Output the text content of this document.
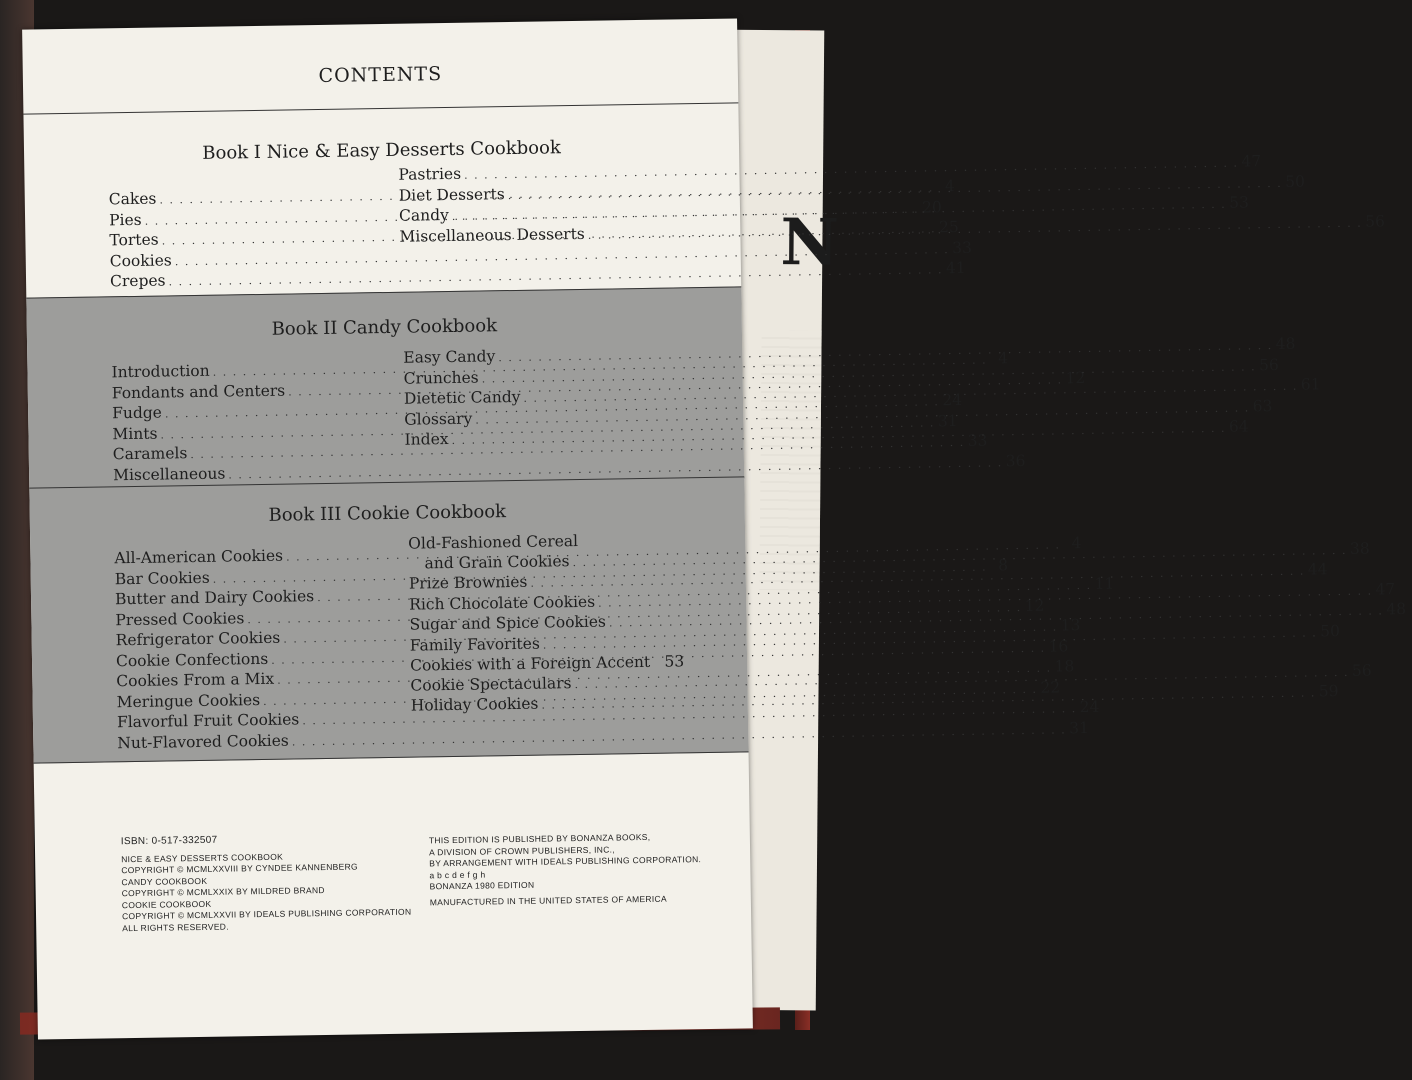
N
CONTENTS
Book I Nice & Easy Desserts Cookbook
Cakes
. . .
4
Pies
. . .
20
Tortes
. . .
25
Cookies
. . .
33
Crepes
. . .
41
Pastries
. . .
47
Diet Desserts
. . .
50
Candy
. . .
53
Miscellaneous Desserts
. . .
56
Book II Candy Cookbook
Introduction
. . .
4
Fondants and Centers
. . .
12
Fudge
. . .
24
Mints
. . .
31
Caramels
. . .
33
Miscellaneous
. . .
36
Easy Candy
. . .
48
Crunches
. . .
56
Dietetic Candy
. . .
61
Glossary
. . .
63
Index
. . .
64
Book III Cookie Cookbook
All-American Cookies
. . .
4
Bar Cookies
. . .
8
Butter and Dairy Cookies
. . .
11
Pressed Cookies
. . .
12
Refrigerator Cookies
. . .
13
Cookie Confections
. . .
16
Cookies From a Mix
. . .
18
Meringue Cookies
. . .
22
Flavorful Fruit Cookies
. . .
24
Nut-Flavored Cookies
. . .
31
Old-Fashioned Cereal
and Grain Cookies
. . .
38
Prize Brownies
. . .
44
Rich Chocolate Cookies
. . .
47
Sugar and Spice Cookies
. . .
48
Family Favorites
. . .
50
Cookies with a Foreign Accent 53
Cookie Spectaculars
. . .
56
Holiday Cookies
. . .
59
ISBN: 0-517-332507
NICE & EASY DESSERTS COOKBOOK
COPYRIGHT © MCMLXXVIII BY CYNDEE KANNENBERG
CANDY COOKBOOK
COPYRIGHT © MCMLXXIX BY MILDRED BRAND
COOKIE COOKBOOK
COPYRIGHT © MCMLXXVII BY IDEALS PUBLISHING CORPORATION
ALL RIGHTS RESERVED.
THIS EDITION IS PUBLISHED BY BONANZA BOOKS,
A DIVISION OF CROWN PUBLISHERS, INC.,
BY ARRANGEMENT WITH IDEALS PUBLISHING CORPORATION.
a b c d e f g h
BONANZA 1980 EDITION
MANUFACTURED IN THE UNITED STATES OF AMERICA
